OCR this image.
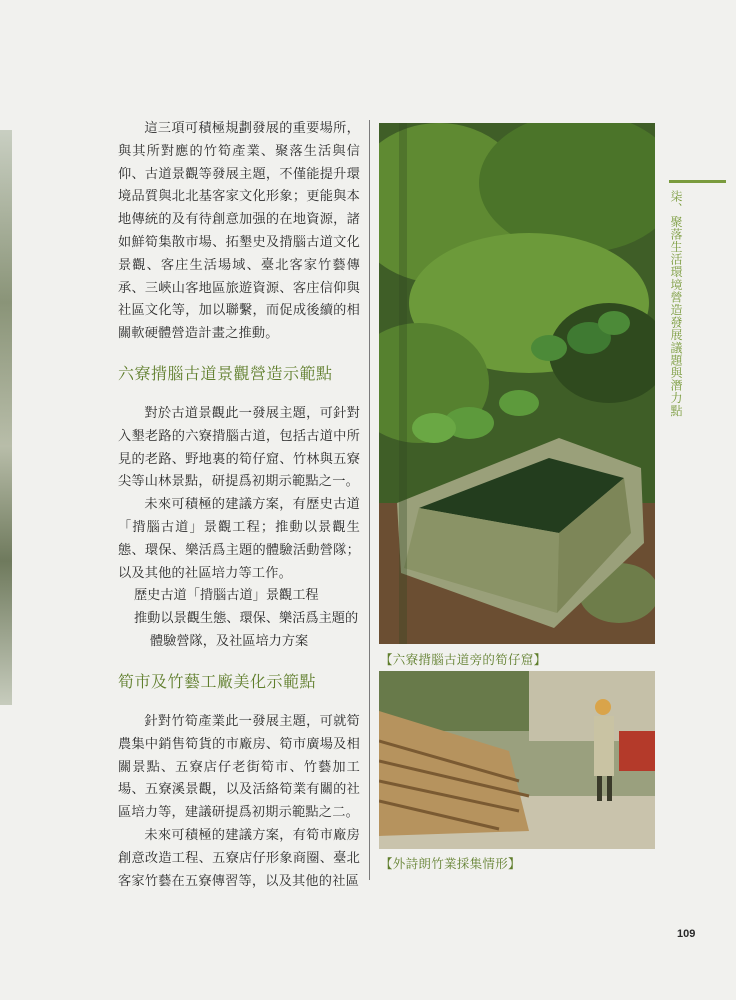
這三項可積極規劃發展的重要場所，與其所對應的竹筍產業、聚落生活與信仰、古道景觀等發展主題，不僅能提升環境品質與北北基客家文化形象；更能與本地傳統的及有待創意加强的在地資源，諸如鮮筍集散市場、拓墾史及揹腦古道文化景觀、客庄生活場域、臺北客家竹藝傳承、三峽山客地區旅遊資源、客庄信仰與社區文化等，加以聯繫，而促成後續的相關軟硬體營造計畫之推動。

六寮揹腦古道景觀營造示範點

對於古道景觀此一發展主題，可針對入墾老路的六寮揹腦古道，包括古道中所見的老路、野地裏的筍仔窟、竹林與五寮尖等山林景點，研提爲初期示範點之一。

未來可積極的建議方案，有歷史古道「揹腦古道」景觀工程；推動以景觀生態、環保、樂活爲主題的體驗活動營隊；以及其他的社區培力等工作。

歷史古道「揹腦古道」景觀工程

推動以景觀生態、環保、樂活爲主題的

體驗營隊，及社區培力方案

筍市及竹藝工廠美化示範點

針對竹筍產業此一發展主題，可就筍農集中銷售筍貨的市廠房、筍市廣場及相關景點、五寮店仔老街筍市、竹藝加工場、五寮溪景觀，以及活絡筍業有關的社區培力等，建議研提爲初期示範點之二。

未來可積極的建議方案，有筍市廠房創意改造工程、五寮店仔形象商圈、臺北客家竹藝在五寮傳習等，以及其他的社區

【六寮揹腦古道旁的筍仔窟】
【外詩朗竹業採集情形】
柒、聚落生活環境營造發展議題與潛力點
109
